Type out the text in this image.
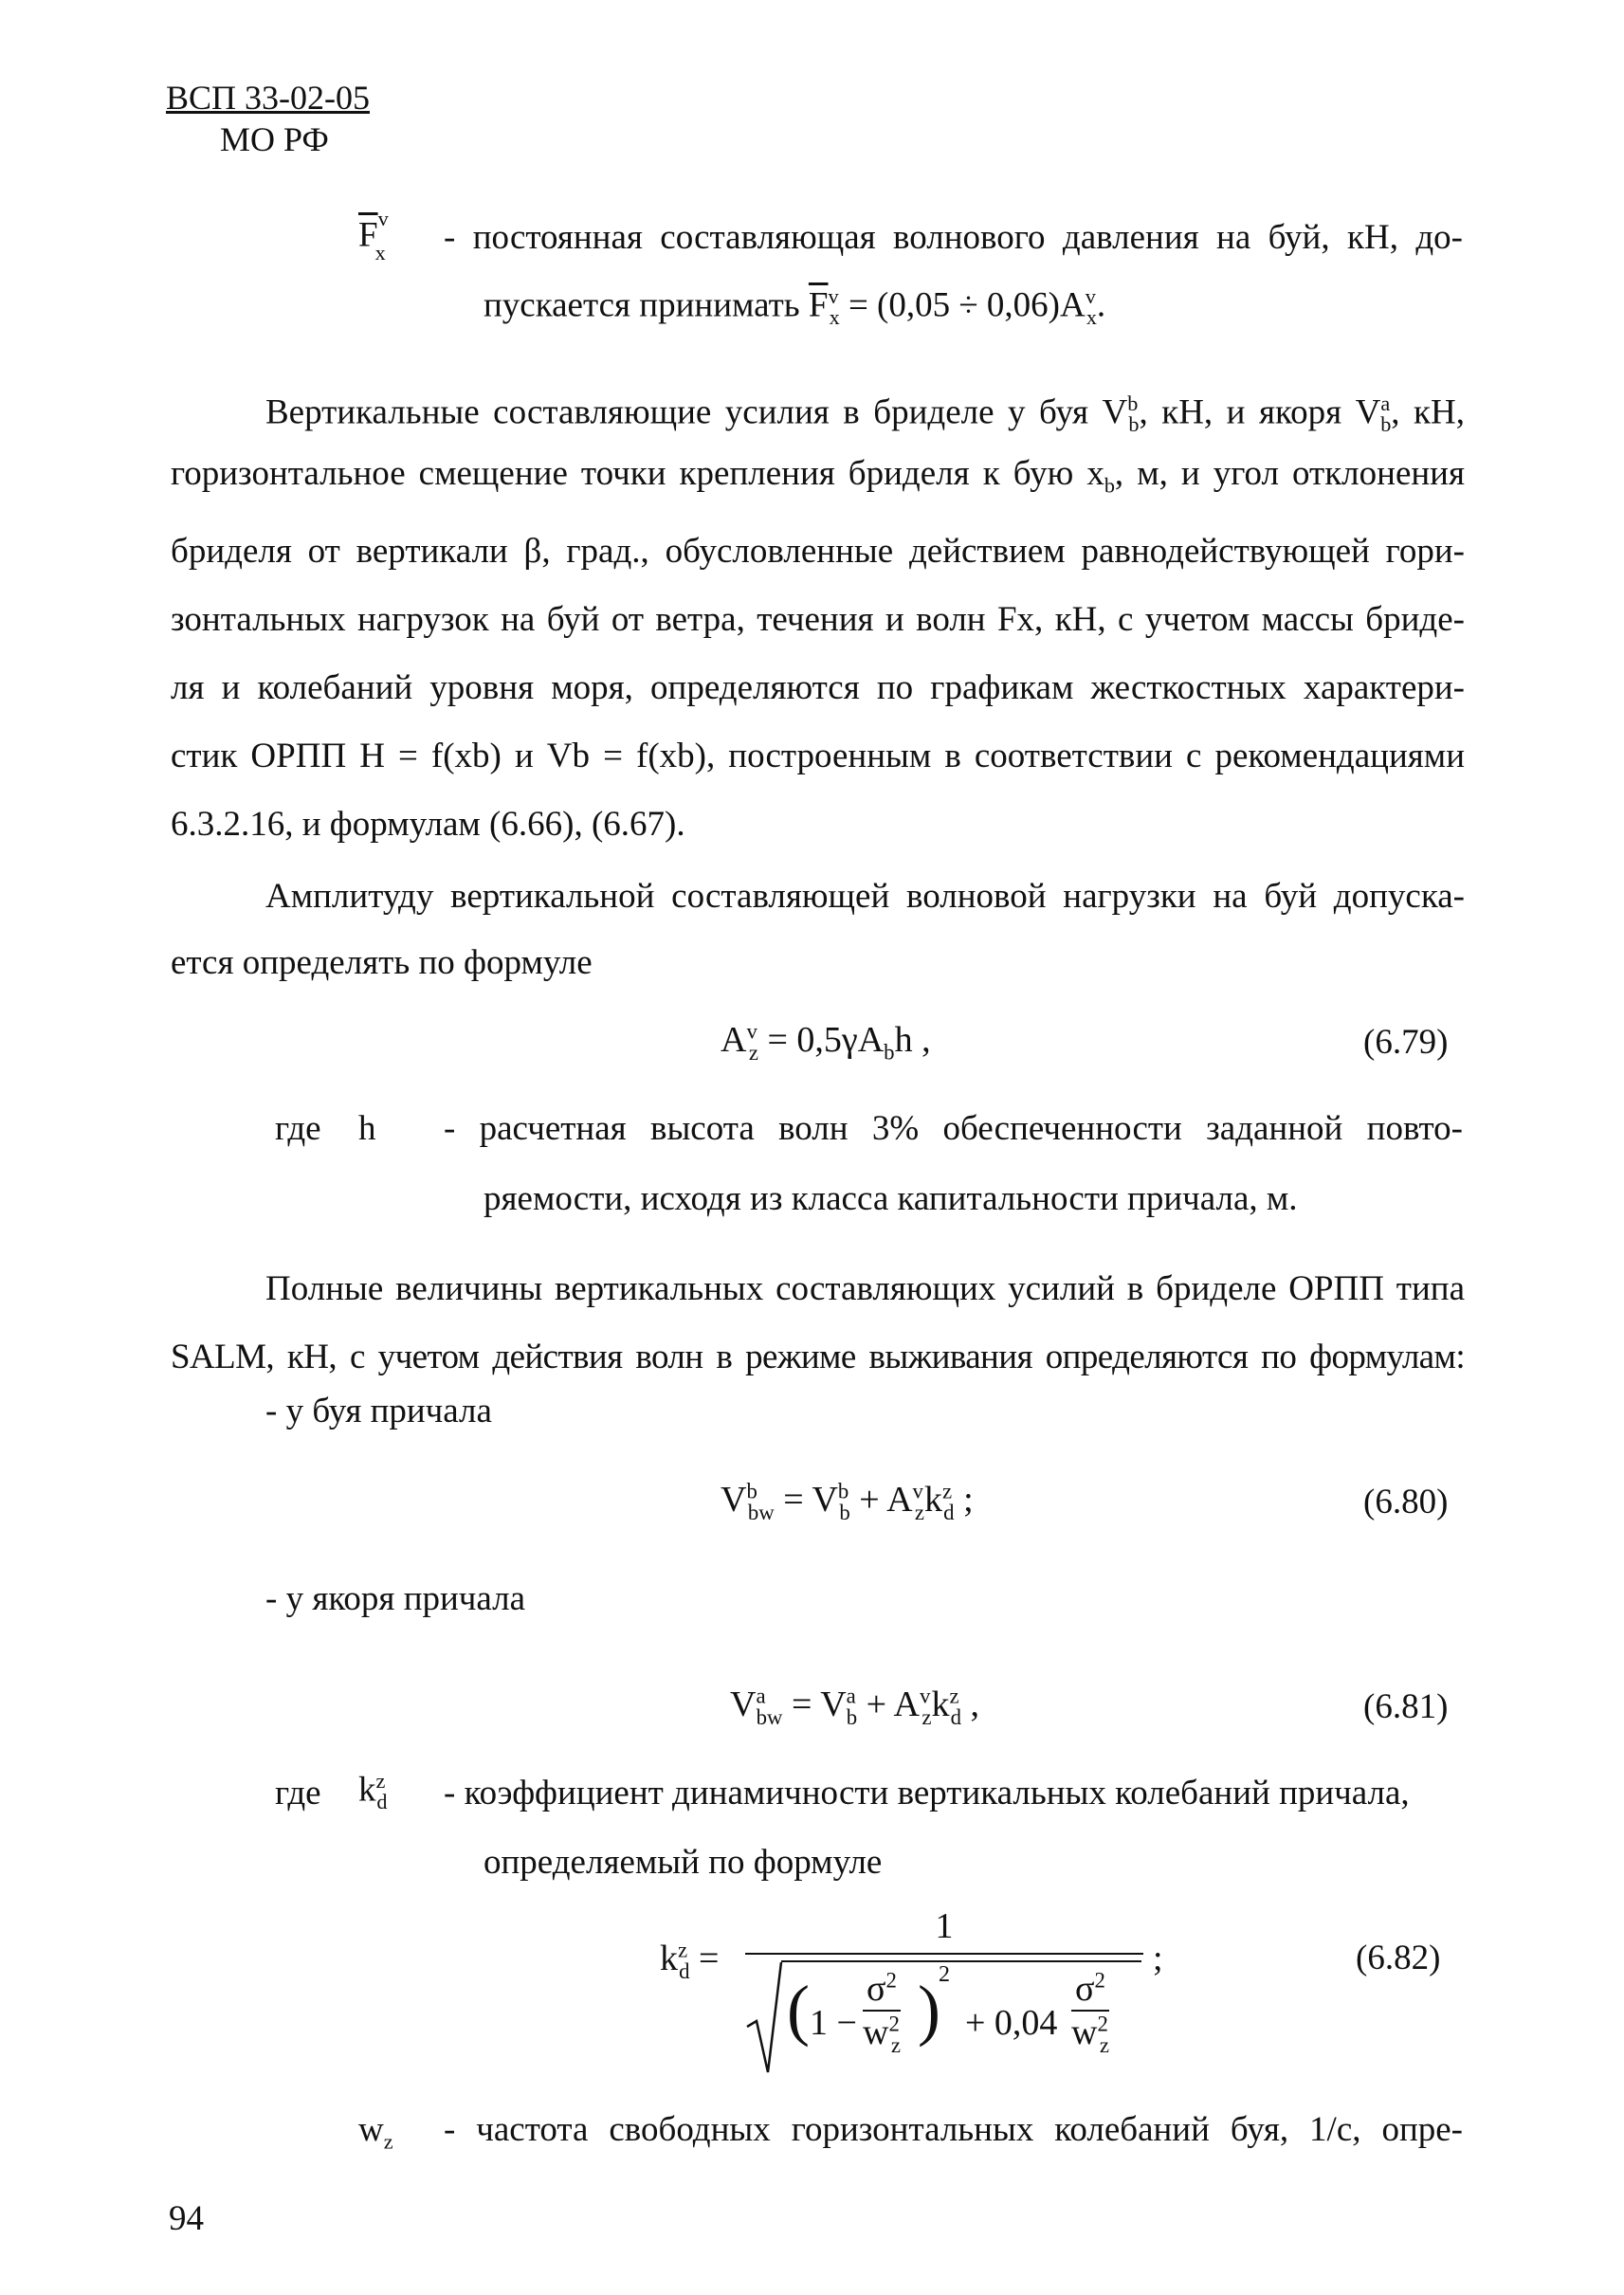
ВСП 33-02-05
МО РФ
$\overline{F}^v_x$	- постоянная составляющая волнового давления на буй, кН, до-
пускается принимать $\overline{F}^v_x = (0,05 \div 0,06)A^v_x$.
Вертикальные составляющие усилия в бриделе у буя $V^b_b$, кН, и якоря $V^a_b$, кН,
горизонтальное смещение точки крепления бриделя к бую $x_b$, м, и угол отклонения
бриделя от вертикали β, град., обусловленные действием равнодействующей гори-
зонтальных нагрузок на буй от ветра, течения и волн Fx, кН, с учетом массы бриде-
ля и колебаний уровня моря, определяются по графикам жесткостных характери-
стик ОРПП H = f(xb) и Vb = f(xb), построенным в соответствии с рекомендациями
6.3.2.16, и формулам (6.66), (6.67).
Амплитуду вертикальной составляющей волновой нагрузки на буй допуска-
ется определять по формуле
$A^v_z = 0,5\gamma A_bh$ ,	(6.79)
где h - расчетная высота волн 3% обеспеченности заданной повто-
ряемости, исходя из класса капитальности причала, м.
Полные величины вертикальных составляющих усилий в бриделе ОРПП типа
SALM, кН, с учетом действия волн в режиме выживания определяются по формулам:
- у буя причала
$V^b_{bw} = V^b_b + A^v_zk^z_d$ ;	(6.80)
- у якоря причала
$V^a_{bw} = V^a_b + A^v_zk^z_d$ ,	(6.81)
где $k^z_d$ - коэффициент динамичности вертикальных колебаний причала,
определяемый по формуле
$k^z_d$ =
1
( $1 - \frac{\sigma^2}{w^2_z}$ )
2
+ $0,04 \frac{\sigma^2}{w^2_z}$
;	(6.82)
$w_z$ - частота свободных горизонтальных колебаний буя, 1/с, опре-
94
